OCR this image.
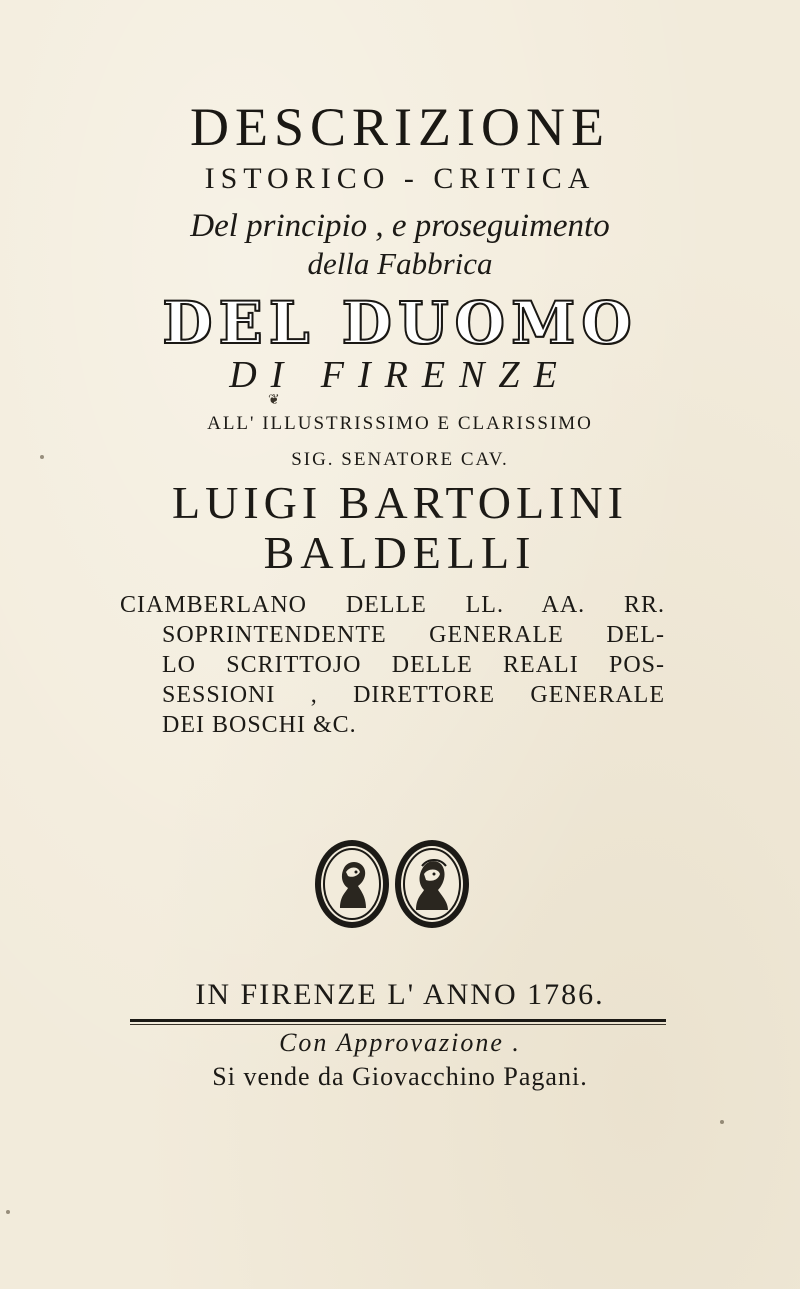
DESCRIZIONE
ISTORICO - CRITICA
Del principio , e proseguimento
della Fabbrica
DEL DUOMO
DI FIRENZE
❦
ALL' ILLUSTRISSIMO E CLARISSIMO
SIG. SENATORE CAV.
LUIGI BARTOLINI
BALDELLI
CIAMBERLANO DELLE LL. AA. RR.
SOPRINTENDENTE GENERALE DEL-
LO SCRITTOJO DELLE REALI POS-
SESSIONI , DIRETTORE GENERALE
DEI BOSCHI &C.
IN FIRENZE L' ANNO 1786.
Con Approvazione .
Si vende da Giovacchino Pagani.
